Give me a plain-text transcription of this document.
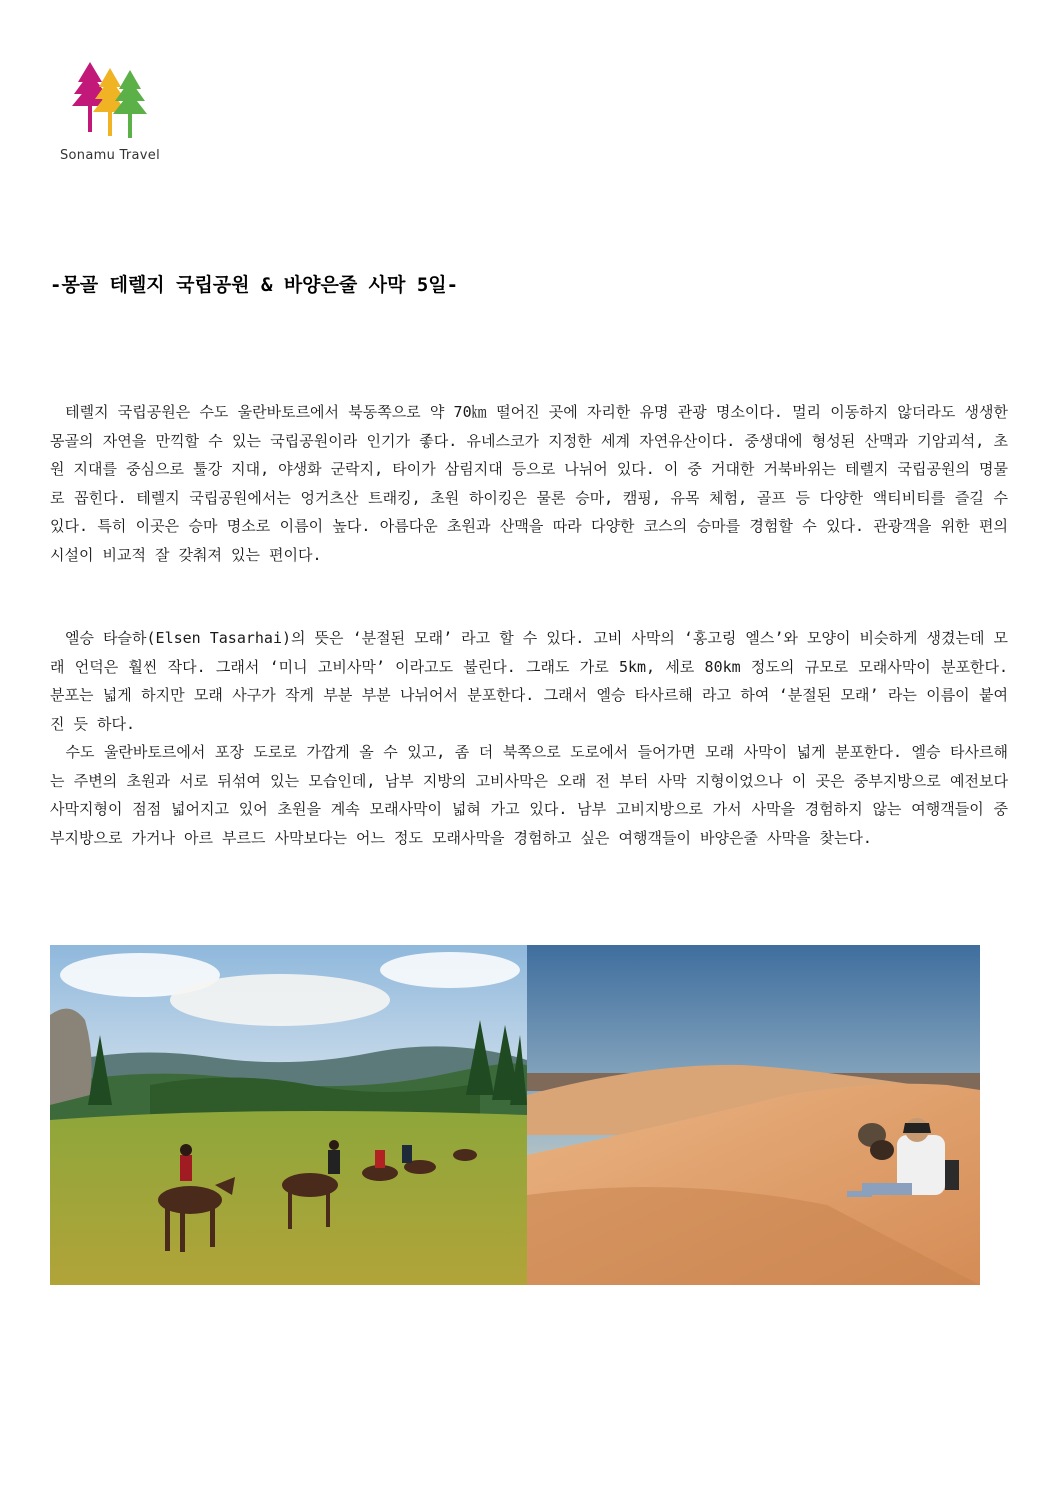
Sonamu Travel
-몽골 테렐지 국립공원 & 바양은줄 사막 5일-

　테렐지 국립공원은 수도 울란바토르에서 북동쪽으로 약 70㎞ 떨어진 곳에 자리한 유명 관광 명소이다. 멀리 이동하지 않더라도 생생한 몽골의 자연을 만끽할 수 있는 국립공원이라 인기가 좋다. 유네스코가 지정한 세계 자연유산이다. 중생대에 형성된 산맥과 기암괴석, 초원 지대를 중심으로 툴강 지대, 야생화 군락지, 타이가 삼림지대 등으로 나뉘어 있다. 이 중 거대한 거북바위는 테렐지 국립공원의 명물로 꼽힌다. 테렐지 국립공원에서는 엉거츠산 트래킹, 초원 하이킹은 물론 승마, 캠핑, 유목 체험, 골프 등 다양한 액티비티를 즐길 수 있다. 특히 이곳은 승마 명소로 이름이 높다. 아름다운 초원과 산맥을 따라 다양한 코스의 승마를 경험할 수 있다. 관광객을 위한 편의시설이 비교적 잘 갖춰져 있는 편이다.

　엘승 타슬하(Elsen Tasarhai)의 뜻은 ‘분절된 모래’ 라고 할 수 있다. 고비 사막의 ‘홍고링 엘스’와 모양이 비슷하게 생겼는데 모래 언덕은 훨씬 작다. 그래서 ‘미니 고비사막’ 이라고도 불린다. 그래도 가로 5km, 세로 80km 정도의 규모로 모래사막이 분포한다. 분포는 넓게 하지만 모래 사구가 작게 부분 부분 나뉘어서 분포한다. 그래서 엘승 타사르해 라고 하여 ‘분절된 모래’ 라는 이름이 붙여진 듯 하다.

　수도 울란바토르에서 포장 도로로 가깝게 올 수 있고, 좀 더 북쪽으로 도로에서 들어가면 모래 사막이 넓게 분포한다. 엘승 타사르해는 주변의 초원과 서로 뒤섞여 있는 모습인데, 남부 지방의 고비사막은 오래 전 부터 사막 지형이었으나 이 곳은 중부지방으로 예전보다 사막지형이 점점 넓어지고 있어 초원을 계속 모래사막이 넓혀 가고 있다. 남부 고비지방으로 가서 사막을 경험하지 않는 여행객들이 중부지방으로 가거나 아르 부르드 사막보다는 어느 정도 모래사막을 경험하고 싶은 여행객들이 바양은줄 사막을 찾는다.
